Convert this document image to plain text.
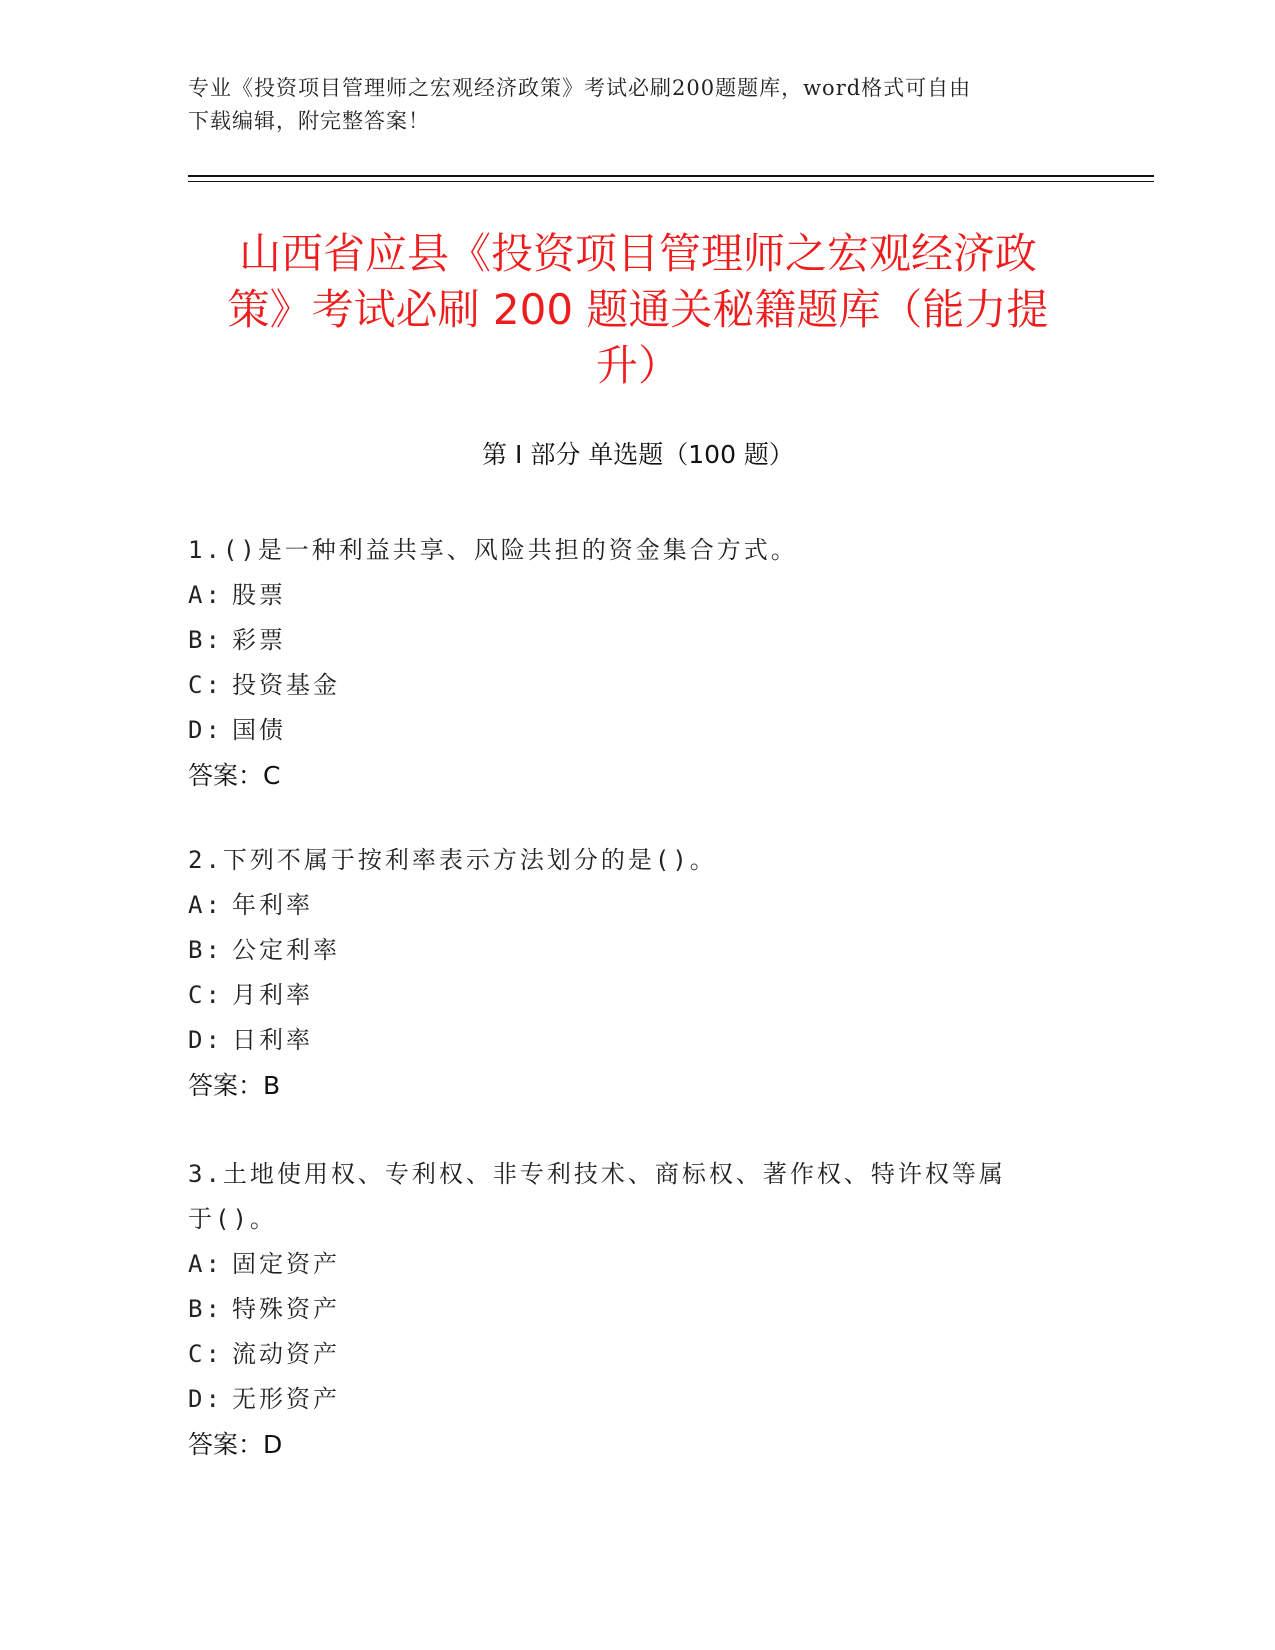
专业《投资项目管理师之宏观经济政策》考试必刷200题题库，word格式可自由
下载编辑，附完整答案！
山西省应县《投资项目管理师之宏观经济政
策》考试必刷 200 题通关秘籍题库（能力提
升）
第 I 部分 单选题（100 题）
1.()是一种利益共享、风险共担的资金集合方式。
A: 股票
B: 彩票
C: 投资基金
D: 国债
答案：C
2.下列不属于按利率表示方法划分的是()。
A: 年利率
B: 公定利率
C: 月利率
D: 日利率
答案：B
3.土地使用权、专利权、非专利技术、商标权、著作权、特许权等属
于()。
A: 固定资产
B: 特殊资产
C: 流动资产
D: 无形资产
答案：D
